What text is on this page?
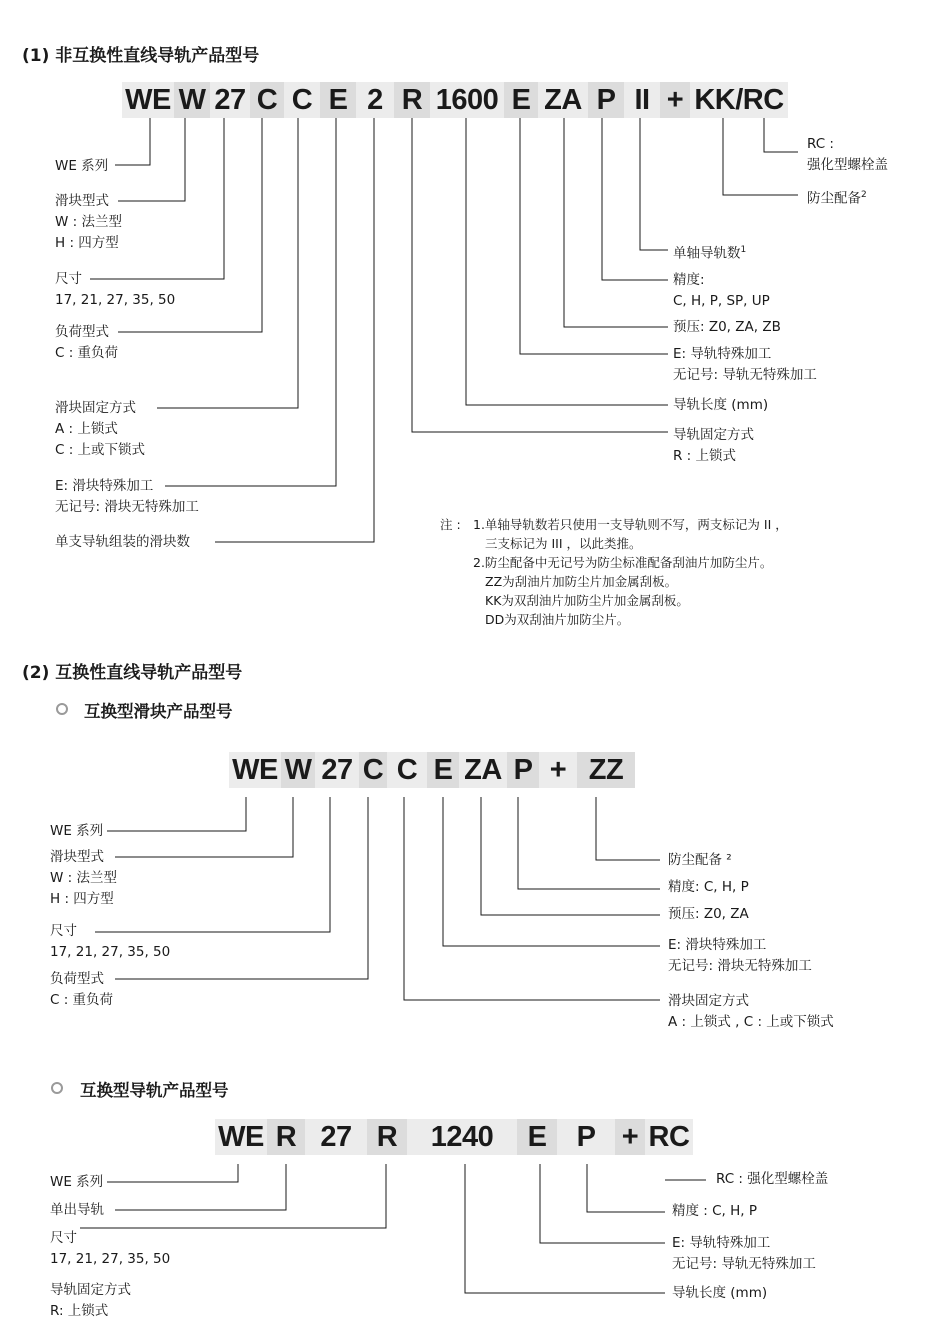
(1) 非互换性直线导轨产品型号
WE W 27 C C E 2 R 1600 E ZA P II + KK/RC
WE 系列
滑块型式
W : 法兰型
H : 四方型
尺寸
17, 21, 27, 35, 50
负荷型式
C : 重负荷
滑块固定方式
A : 上锁式
C : 上或下锁式
E: 滑块特殊加工
无记号: 滑块无特殊加工
单支导轨组装的滑块数
RC :
强化型螺栓盖
防尘配备$^2$
单轴导轨数$^1$
精度:
C, H, P, SP, UP
预压: Z0, ZA, ZB
E: 导轨特殊加工
无记号: 导轨无特殊加工
导轨长度 (mm)
导轨固定方式
R : 上锁式
注 : 1.单轴导轨数若只使用一支导轨则不写，两支标记为 II ，
三支标记为 III ，以此类推。
2.防尘配备中无记号为防尘标准配备刮油片加防尘片。
ZZ为刮油片加防尘片加金属刮板。
KK为双刮油片加防尘片加金属刮板。
DD为双刮油片加防尘片。
(2) 互换性直线导轨产品型号
互换型滑块产品型号
WE W 27 C C E ZA P + ZZ
WE 系列
滑块型式
W : 法兰型
H : 四方型
尺寸
17, 21, 27, 35, 50
负荷型式
C : 重负荷
防尘配备 ²
精度: C, H, P
预压: Z0, ZA
E: 滑块特殊加工
无记号: 滑块无特殊加工
滑块固定方式
A : 上锁式 , C : 上或下锁式
互换型导轨产品型号
WE R 27 R	1240	E	P + RC
WE 系列
单出导轨
尺寸
17, 21, 27, 35, 50
导轨固定方式
R: 上锁式
RC : 强化型螺栓盖
精度 : C, H, P
E: 导轨特殊加工
无记号: 导轨无特殊加工
导轨长度 (mm)
